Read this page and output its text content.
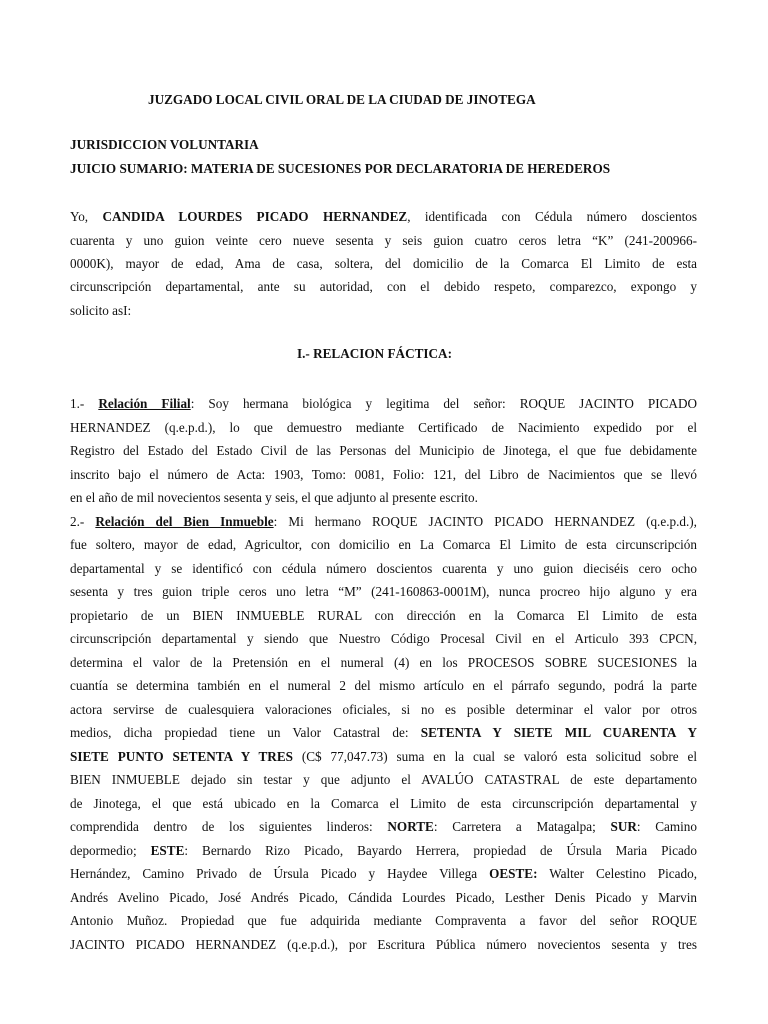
JUZGADO LOCAL CIVIL ORAL DE LA CIUDAD DE JINOTEGA
JURISDICCION VOLUNTARIA
JUICIO SUMARIO: MATERIA DE SUCESIONES POR DECLARATORIA DE HEREDEROS
Yo, CANDIDA LOURDES PICADO HERNANDEZ, identificada con Cédula número doscientos
cuarenta y uno guion veinte cero nueve sesenta y seis guion cuatro ceros letra “K” (241-200966-
0000K), mayor de edad, Ama de casa, soltera, del domicilio de la Comarca El Limito de esta
circunscripción departamental, ante su autoridad, con el debido respeto, comparezco, expongo y
solicito asI:
I.- RELACION FÁCTICA:
1.- Relación Filial: Soy hermana biológica y legitima del señor: ROQUE JACINTO PICADO
HERNANDEZ (q.e.p.d.), lo que demuestro mediante Certificado de Nacimiento expedido por el
Registro del Estado del Estado Civil de las Personas del Municipio de Jinotega, el que fue debidamente
inscrito bajo el número de Acta: 1903, Tomo: 0081, Folio: 121, del Libro de Nacimientos que se llevó
en el año de mil novecientos sesenta y seis, el que adjunto al presente escrito.
2.- Relación del Bien Inmueble: Mi hermano ROQUE JACINTO PICADO HERNANDEZ (q.e.p.d.),
fue soltero, mayor de edad, Agricultor, con domicilio en La Comarca El Limito de esta circunscripción
departamental y se identificó con cédula número doscientos cuarenta y uno guion dieciséis cero ocho
sesenta y tres guion triple ceros uno letra “M” (241-160863-0001M), nunca procreo hijo alguno y era
propietario de un BIEN INMUEBLE RURAL con dirección en la Comarca El Limito de esta
circunscripción departamental y siendo que Nuestro Código Procesal Civil en el Articulo 393 CPCN,
determina el valor de la Pretensión en el numeral (4) en los PROCESOS SOBRE SUCESIONES la
cuantía se determina también en el numeral 2 del mismo artículo en el párrafo segundo, podrá la parte
actora servirse de cualesquiera valoraciones oficiales, si no es posible determinar el valor por otros
medios, dicha propiedad tiene un Valor Catastral de: SETENTA Y SIETE MIL CUARENTA Y
SIETE PUNTO SETENTA Y TRES (C$ 77,047.73) suma en la cual se valoró esta solicitud sobre el
BIEN INMUEBLE dejado sin testar y que adjunto el AVALÚO CATASTRAL de este departamento
de Jinotega, el que está ubicado en la Comarca el Limito de esta circunscripción departamental y
comprendida dentro de los siguientes linderos: NORTE: Carretera a Matagalpa; SUR: Camino
depormedio; ESTE: Bernardo Rizo Picado, Bayardo Herrera, propiedad de Úrsula Maria Picado
Hernández, Camino Privado de Úrsula Picado y Haydee Villega OESTE: Walter Celestino Picado,
Andrés Avelino Picado, José Andrés Picado, Cándida Lourdes Picado, Lesther Denis Picado y Marvin
Antonio Muñoz. Propiedad que fue adquirida mediante Compraventa a favor del señor ROQUE
JACINTO PICADO HERNANDEZ (q.e.p.d.), por Escritura Pública número novecientos sesenta y tres
